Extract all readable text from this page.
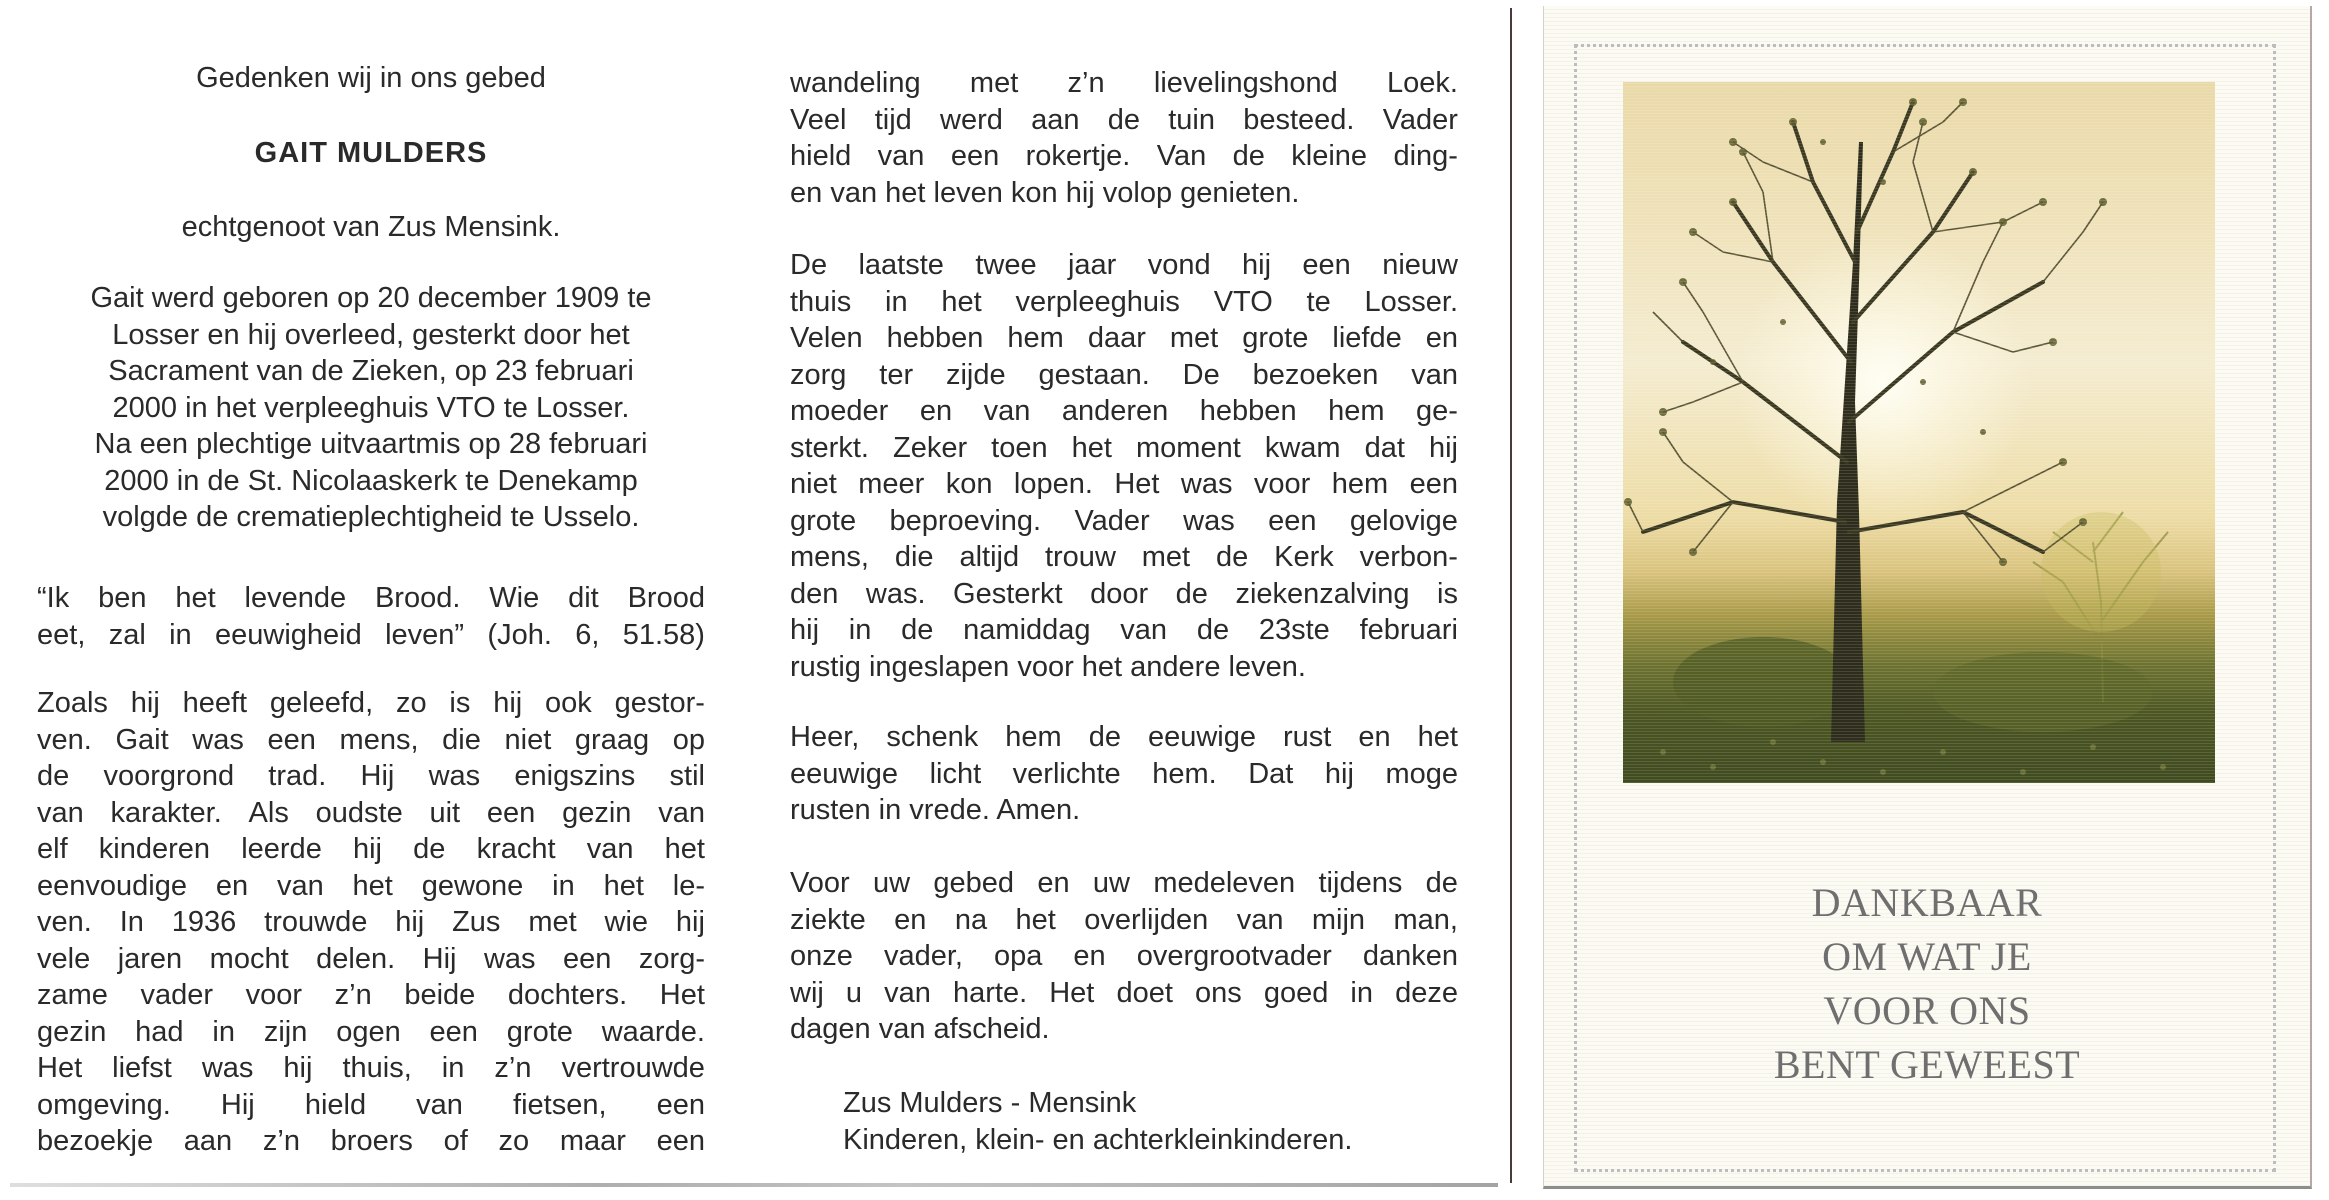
Gedenken wij in ons gebed
GAIT MULDERS
echtgenoot van Zus Mensink.
Gait werd geboren op 20 december 1909 te
Losser en hij overleed, gesterkt door het
Sacrament van de Zieken, op 23 februari
2000 in het verpleeghuis VTO te Losser.
Na een plechtige uitvaartmis op 28 februari
2000 in de St. Nicolaaskerk te Denekamp
volgde de crematieplechtigheid te Usselo.
“Ik ben het levende Brood. Wie dit Brood
eet, zal in eeuwigheid leven” (Joh. 6, 51.58)
Zoals hij heeft geleefd, zo is hij ook gestor-
ven. Gait was een mens, die niet graag op
de voorgrond trad. Hij was enigszins stil
van karakter. Als oudste uit een gezin van
elf kinderen leerde hij de kracht van het
eenvoudige en van het gewone in het le-
ven. In 1936 trouwde hij Zus met wie hij
vele jaren mocht delen. Hij was een zorg-
zame vader voor z’n beide dochters. Het
gezin had in zijn ogen een grote waarde.
Het liefst was hij thuis, in z’n vertrouwde
omgeving. Hij hield van fietsen, een
bezoekje aan z’n broers of zo maar een
wandeling met z’n lievelingshond Loek.
Veel tijd werd aan de tuin besteed. Vader
hield van een rokertje. Van de kleine ding-
en van het leven kon hij volop genieten.
De laatste twee jaar vond hij een nieuw
thuis in het verpleeghuis VTO te Losser.
Velen hebben hem daar met grote liefde en
zorg ter zijde gestaan. De bezoeken van
moeder en van anderen hebben hem ge-
sterkt. Zeker toen het moment kwam dat hij
niet meer kon lopen. Het was voor hem een
grote beproeving. Vader was een gelovige
mens, die altijd trouw met de Kerk verbon-
den was. Gesterkt door de ziekenzalving is
hij in de namiddag van de 23ste februari
rustig ingeslapen voor het andere leven.
Heer, schenk hem de eeuwige rust en het
eeuwige licht verlichte hem. Dat hij moge
rusten in vrede. Amen.
Voor uw gebed en uw medeleven tijdens de
ziekte en na het overlijden van mijn man,
onze vader, opa en overgrootvader danken
wij u van harte. Het doet ons goed in deze
dagen van afscheid.
Zus Mulders - Mensink
Kinderen, klein- en achterkleinkinderen.
DANKBAAR
OM WAT JE
VOOR ONS
BENT GEWEEST
